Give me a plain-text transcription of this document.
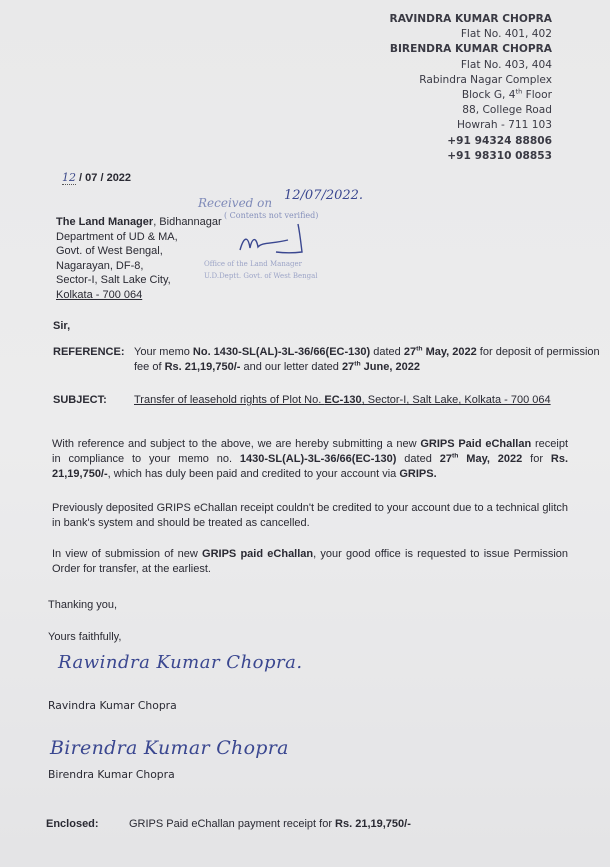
RAVINDRA KUMAR CHOPRA
Flat No. 401, 402
BIRENDRA KUMAR CHOPRA
Flat No. 403, 404
Rabindra Nagar Complex
Block G, 4th Floor
88, College Road
Howrah - 711 103
+91 94324 88806
+91 98310 08853
12 / 07 / 2022
The Land Manager, Bidhannagar
Department of UD & MA,
Govt. of West Bengal,
Nagarayan, DF-8,
Sector-I, Salt Lake City,
Kolkata - 700 064
Received on 12/07/2022.
( Contents not verified)
Office of the Land Manager
U.D.Deptt. Govt. of West Bengal
Sir,
REFERENCE: Your memo No. 1430-SL(AL)-3L-36/66(EC-130) dated 27th May, 2022 for deposit of permission fee of Rs. 21,19,750/- and our letter dated 27th June, 2022
SUBJECT: Transfer of leasehold rights of Plot No. EC-130, Sector-I, Salt Lake, Kolkata - 700 064
With reference and subject to the above, we are hereby submitting a new GRIPS Paid eChallan receipt in compliance to your memo no. 1430-SL(AL)-3L-36/66(EC-130) dated 27th May, 2022 for Rs. 21,19,750/-, which has duly been paid and credited to your account via GRIPS.
Previously deposited GRIPS eChallan receipt couldn't be credited to your account due to a technical glitch in bank's system and should be treated as cancelled.
In view of submission of new GRIPS paid eChallan, your good office is requested to issue Permission Order for transfer, at the earliest.
Thanking you,
Yours faithfully,
Rawindra Kumar Chopra.
Ravindra Kumar Chopra
Birendra Kumar Chopra
Birendra Kumar Chopra
Enclosed:	GRIPS Paid eChallan payment receipt for Rs. 21,19,750/-
